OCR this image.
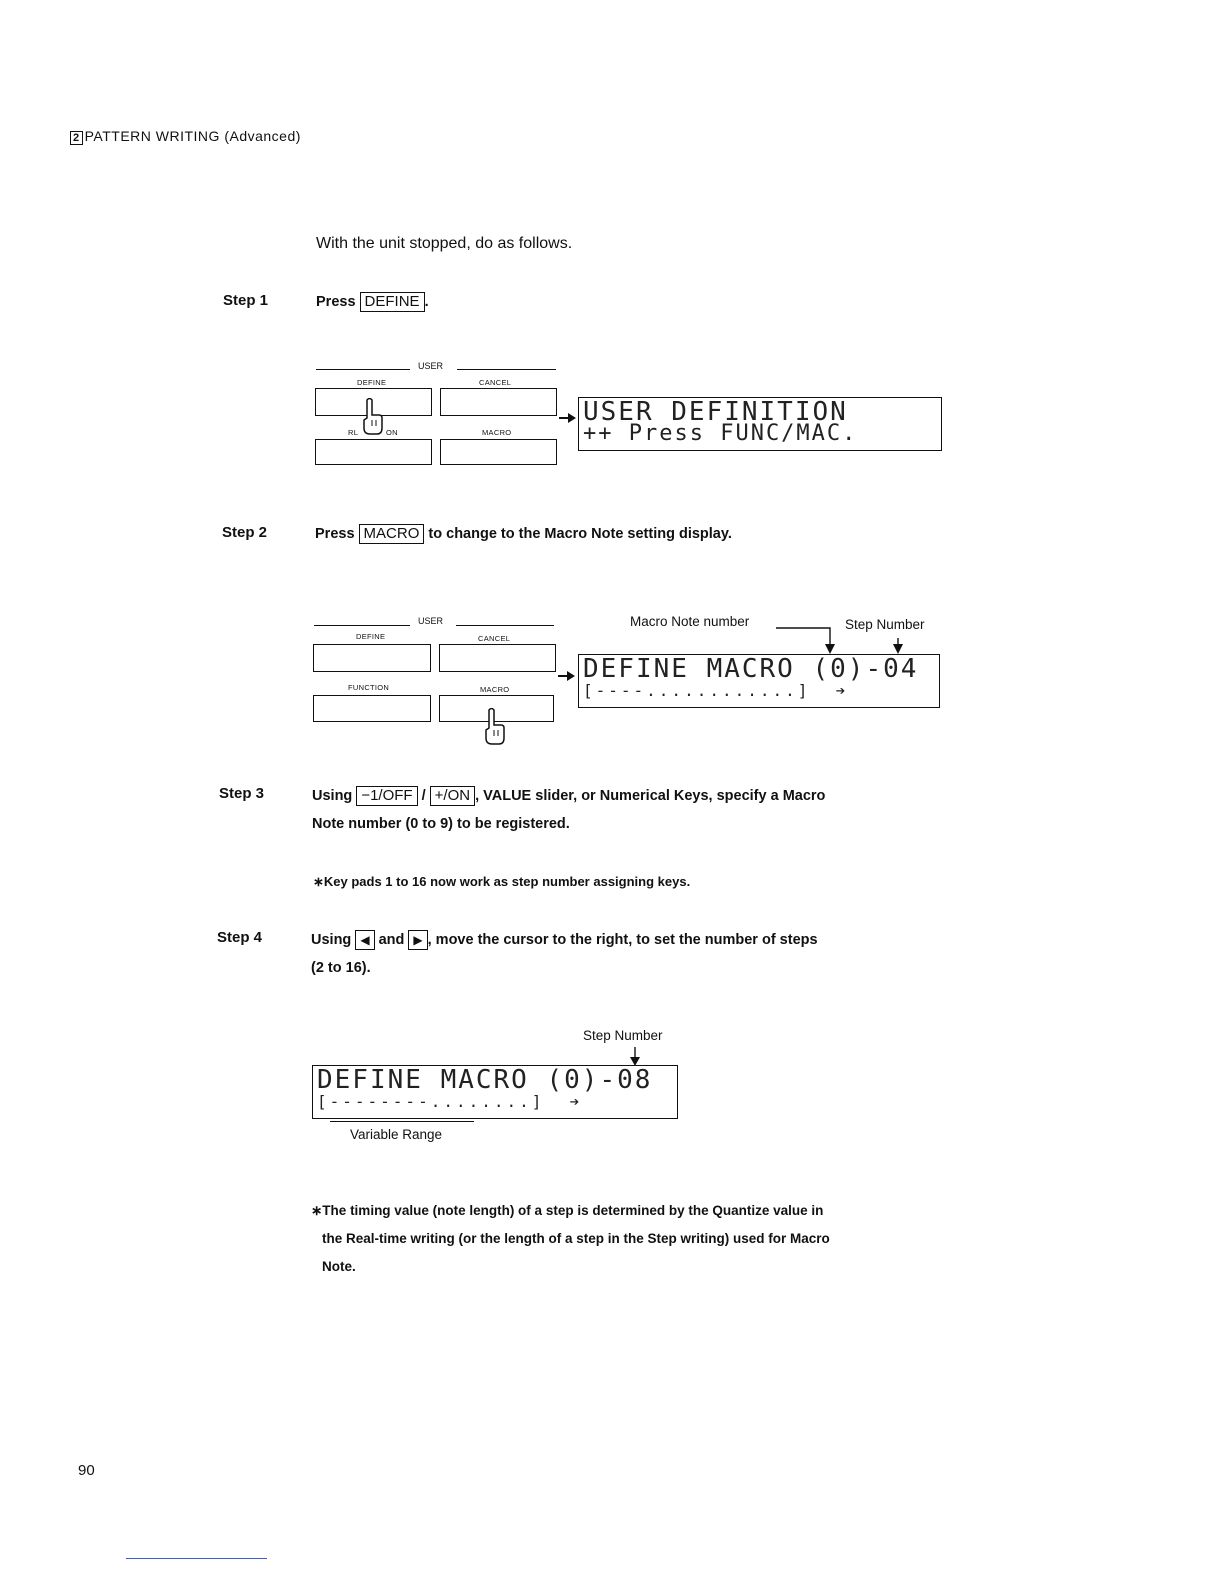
2 PATTERN WRITING (Advanced)
With the unit stopped, do as follows.
Step 1	Press DEFINE .
USER
DEFINE	CANCEL
RL	ON	MACRO
USER DEFINITION
++ Press FUNC/MAC.
Step 2	Press MACRO to change to the Macro Note setting display.
USER
DEFINE	CANCEL
FUNCTION	MACRO
Macro Note number	Step Number
DEFINE MACRO (0)-04
[----............]  ➔
Step 3	Using −1/OFF / +/ON , VALUE slider, or Numerical Keys, specify a Macro
Note number (0 to 9) to be registered.
∗Key pads 1 to 16 now work as step number assigning keys.
Step 4	Using ◀ and ▶ , move the cursor to the right, to set the number of steps
(2 to 16).
Step Number
DEFINE MACRO (0)-08
[--------........]  ➔
Variable Range
∗The timing value (note length) of a step is determined by the Quantize value in
the Real-time writing (or the length of a step in the Step writing) used for Macro
Note.
90
